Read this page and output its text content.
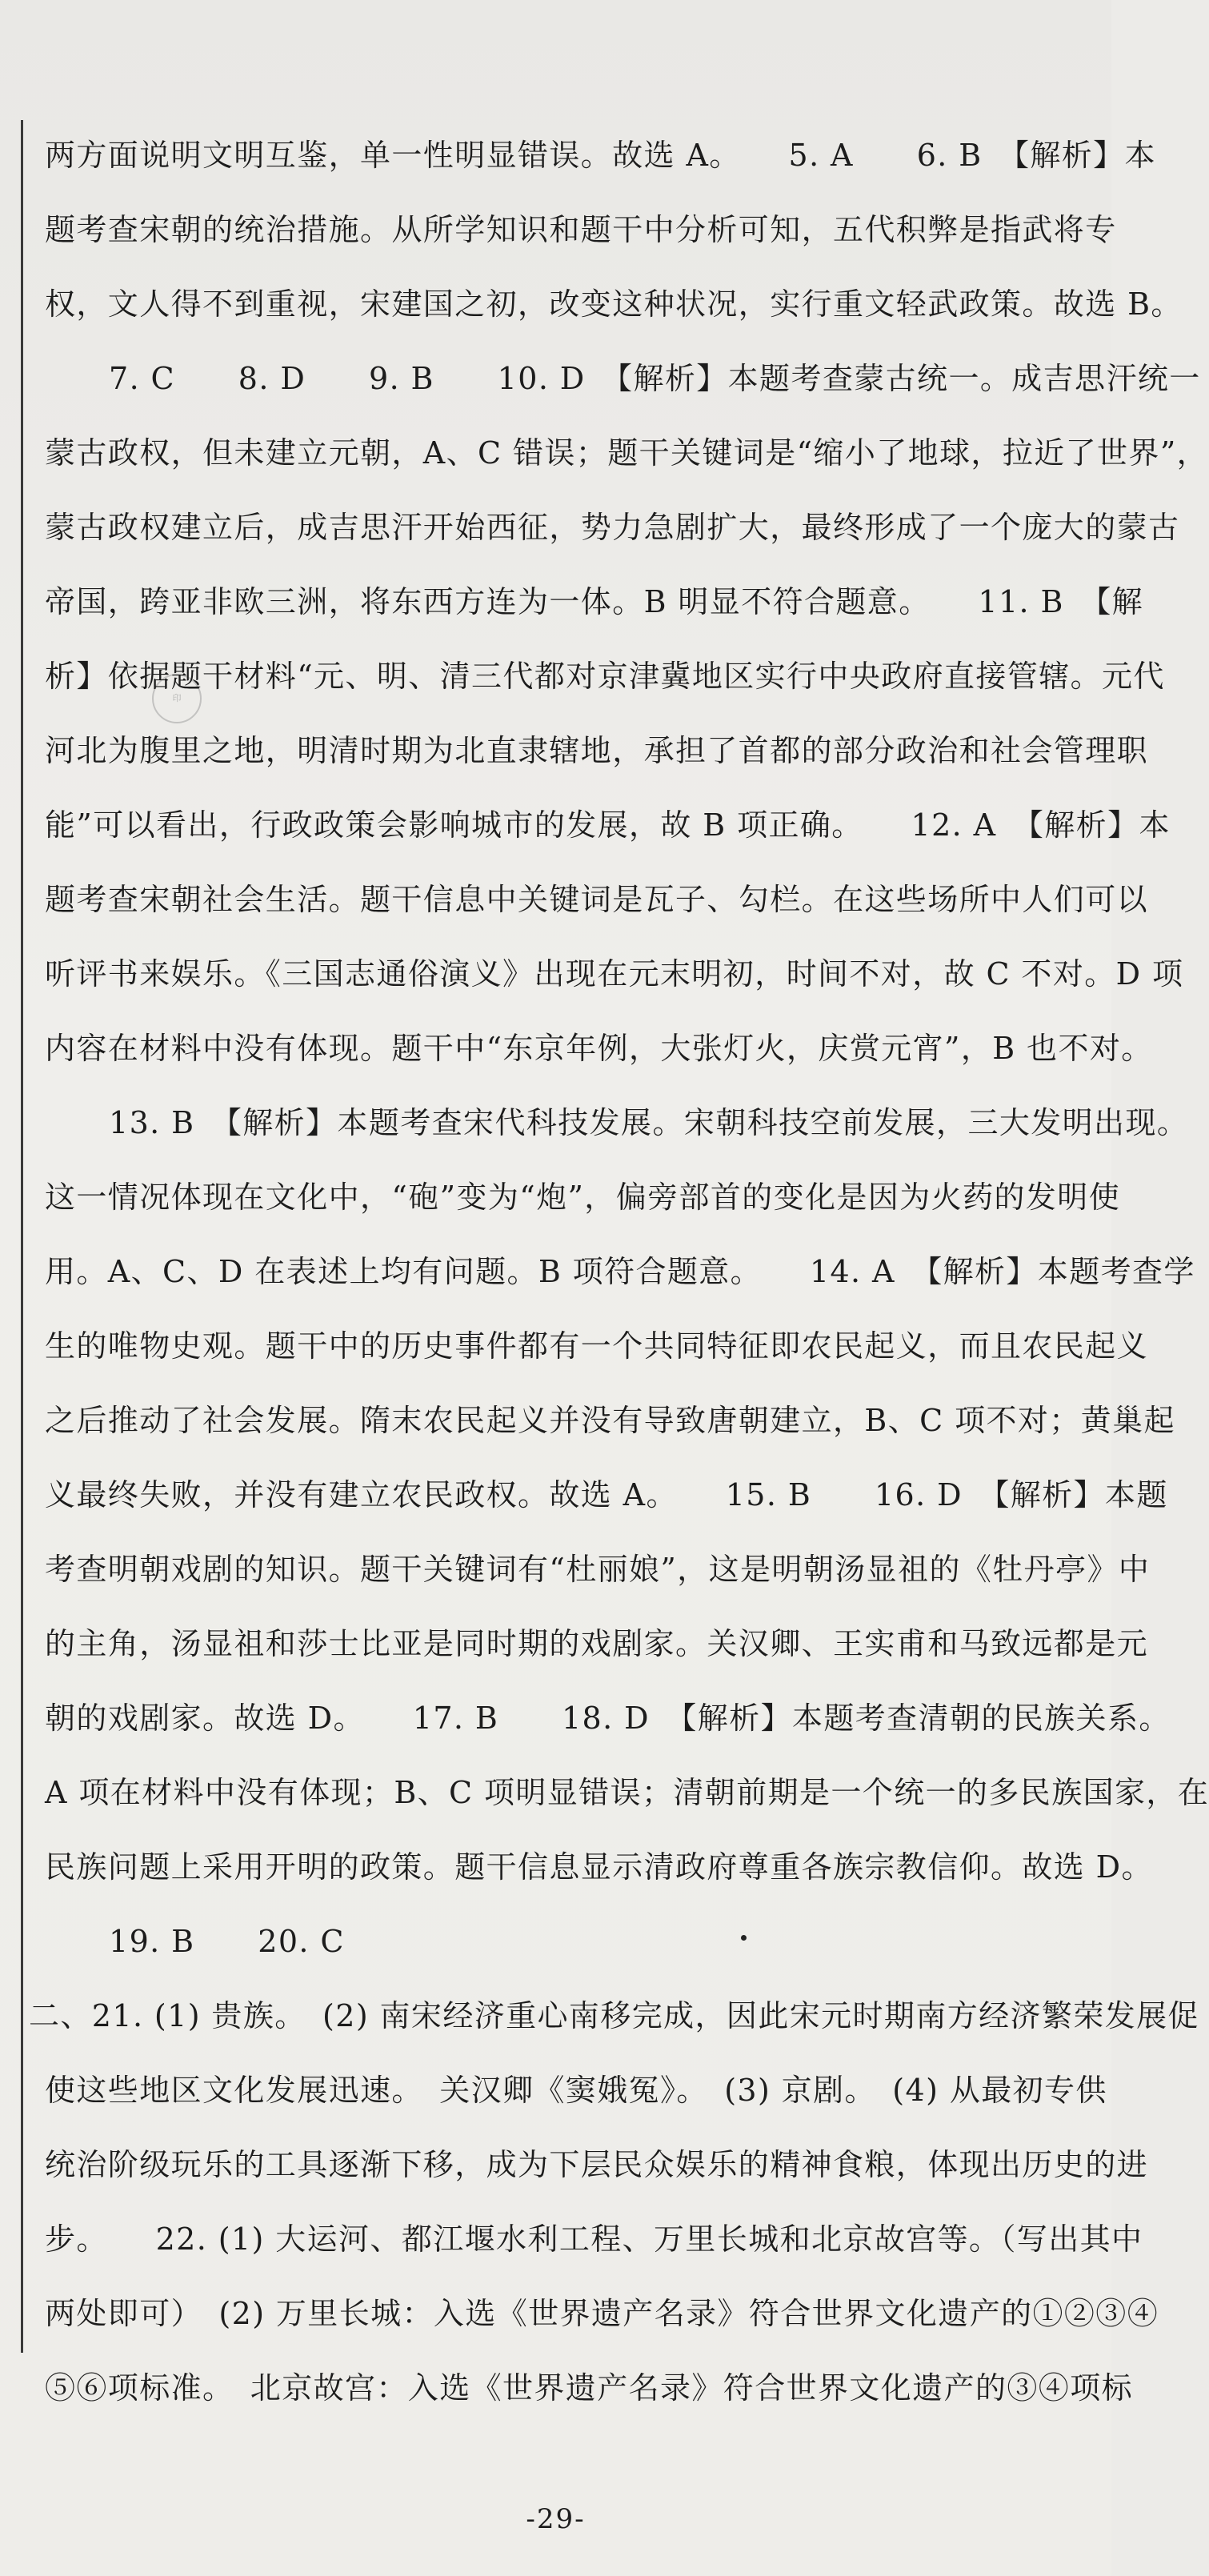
印
两方面说明文明互鉴，单一性明显错误。故选 A。　　5. A　　6. B　【解析】本
题考查宋朝的统治措施。从所学知识和题干中分析可知，五代积弊是指武将专
权，文人得不到重视，宋建国之初，改变这种状况，实行重文轻武政策。故选 B。
7. C　　8. D　　9. B　　10. D　【解析】本题考查蒙古统一。成吉思汗统一
蒙古政权，但未建立元朝，A、C 错误；题干关键词是“缩小了地球，拉近了世界”，
蒙古政权建立后，成吉思汗开始西征，势力急剧扩大，最终形成了一个庞大的蒙古
帝国，跨亚非欧三洲，将东西方连为一体。B 明显不符合题意。　　11. B　【解
析】依据题干材料“元、明、清三代都对京津冀地区实行中央政府直接管辖。元代
河北为腹里之地，明清时期为北直隶辖地，承担了首都的部分政治和社会管理职
能”可以看出，行政政策会影响城市的发展，故 B 项正确。　　12. A　【解析】本
题考查宋朝社会生活。题干信息中关键词是瓦子、勾栏。在这些场所中人们可以
听评书来娱乐。《三国志通俗演义》出现在元末明初，时间不对，故 C 不对。D 项
内容在材料中没有体现。题干中“东京年例，大张灯火，庆赏元宵”，B 也不对。
13. B　【解析】本题考查宋代科技发展。宋朝科技空前发展，三大发明出现。
这一情况体现在文化中，“砲”变为“炮”，偏旁部首的变化是因为火药的发明使
用。A、C、D 在表述上均有问题。B 项符合题意。　　14. A　【解析】本题考查学
生的唯物史观。题干中的历史事件都有一个共同特征即农民起义，而且农民起义
之后推动了社会发展。隋末农民起义并没有导致唐朝建立，B、C 项不对；黄巢起
义最终失败，并没有建立农民政权。故选 A。　　15. B　　16. D　【解析】本题
考查明朝戏剧的知识。题干关键词有“杜丽娘”，这是明朝汤显祖的《牡丹亭》中
的主角，汤显祖和莎士比亚是同时期的戏剧家。关汉卿、王实甫和马致远都是元
朝的戏剧家。故选 D。　　17. B　　18. D　【解析】本题考查清朝的民族关系。
A 项在材料中没有体现；B、C 项明显错误；清朝前期是一个统一的多民族国家，在
民族问题上采用开明的政策。题干信息显示清政府尊重各族宗教信仰。故选 D。
19. B　　20. C
二、21. (1) 贵族。　(2) 南宋经济重心南移完成，因此宋元时期南方经济繁荣发展促
使这些地区文化发展迅速。　关汉卿《窦娥冤》。　(3) 京剧。　(4) 从最初专供
统治阶级玩乐的工具逐渐下移，成为下层民众娱乐的精神食粮，体现出历史的进
步。　　22. (1) 大运河、都江堰水利工程、万里长城和北京故宫等。（写出其中
两处即可）　(2) 万里长城：入选《世界遗产名录》符合世界文化遗产的①②③④
⑤⑥项标准。　北京故宫：入选《世界遗产名录》符合世界文化遗产的③④项标
-29-
